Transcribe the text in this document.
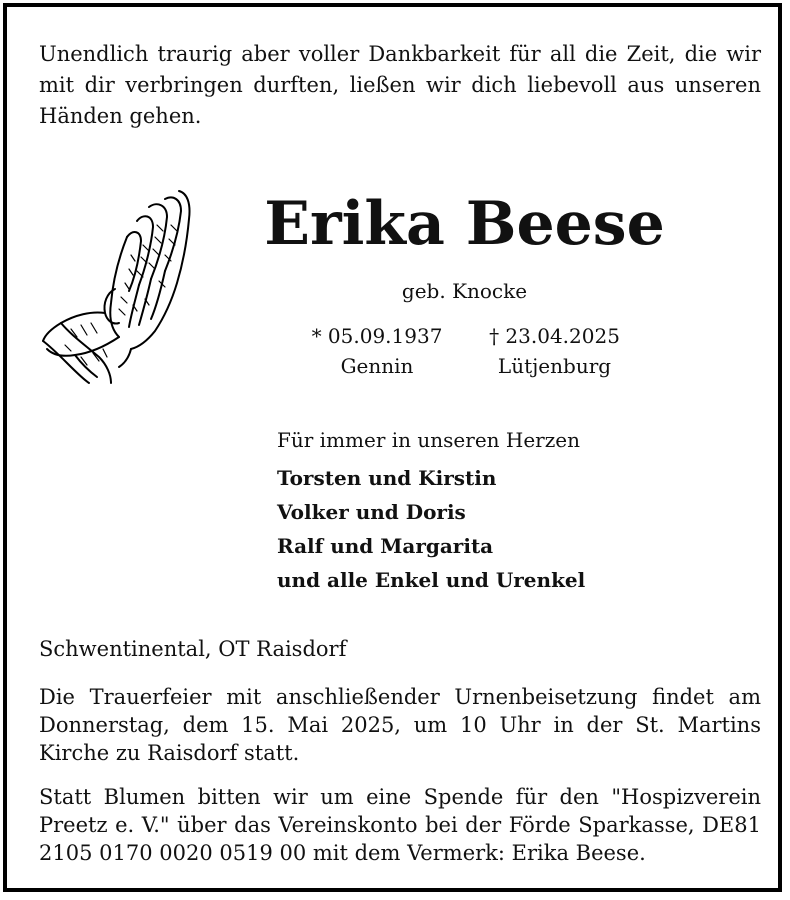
Unendlich traurig aber voller Dankbarkeit für all die Zeit, die wir mit dir verbringen durften, ließen wir dich liebevoll aus unseren Händen gehen.

Erika Beese
geb. Knocke
* 05.09.1937
Gennin
† 23.04.2025
Lütjenburg

Für immer in unseren Herzen

Torsten und Kirstin

Volker und Doris

Ralf und Margarita

und alle Enkel und Urenkel

Schwentinental, OT Raisdorf

Die Trauerfeier mit anschließender Urnenbeisetzung findet am Donnerstag, dem 15. Mai 2025, um 10 Uhr in der St. Martins Kirche zu Raisdorf statt.

Statt Blumen bitten wir um eine Spende für den "Hospizverein Preetz e. V." über das Vereinskonto bei der Förde Sparkasse, DE81 2105 0170 0020 0519 00 mit dem Vermerk: Erika Beese.
